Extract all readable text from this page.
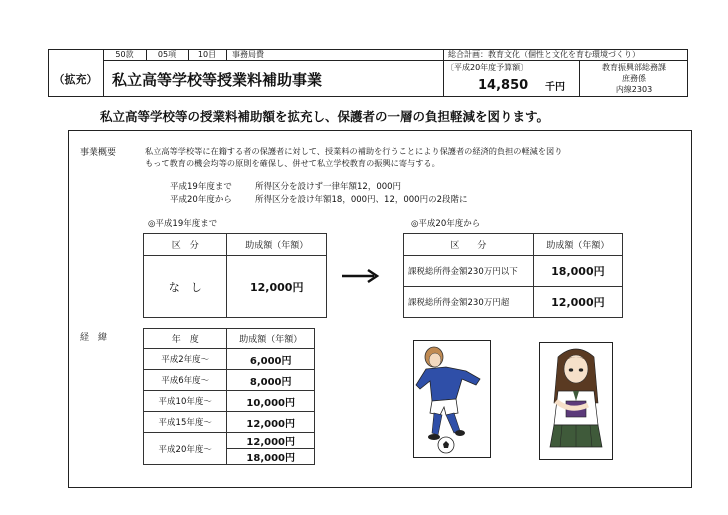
50款	05項	10目	事務局費
（拡充） 私立高等学校等授業料補助事業
総合計画：教育文化（個性と文化を育む環境づくり）
〔平成20年度予算額〕
14,850	千円
教育振興部総務課
庶務係
内線2303
私立高等学校等の授業料補助額を拡充し、保護者の一層の負担軽減を図ります。
事業概要	私立高等学校等に在籍する者の保護者に対して、授業料の補助を行うことにより保護者の経済的負担の軽減を図り
もって教育の機会均等の原則を確保し、併せて私立学校教育の振興に寄与する。
平成19年度まで	所得区分を設けず一律年額12，000円
平成20年度から	所得区分を設け年額18，000円、12，000円の2段階に
◎平成19年度まで
区　分	助成額（年額）
な　し	12,000円
◎平成20年度から
区　　分	助成額（年額）
課税総所得金額230万円以下	18,000円
課税総所得金額230万円超	12,000円
経　緯	年　度	助成額（年額）
平成2年度～	6,000円
平成6年度～	8,000円
平成10年度～	10,000円
平成15年度～	12,000円
平成20年度～	12,000円
	18,000円
